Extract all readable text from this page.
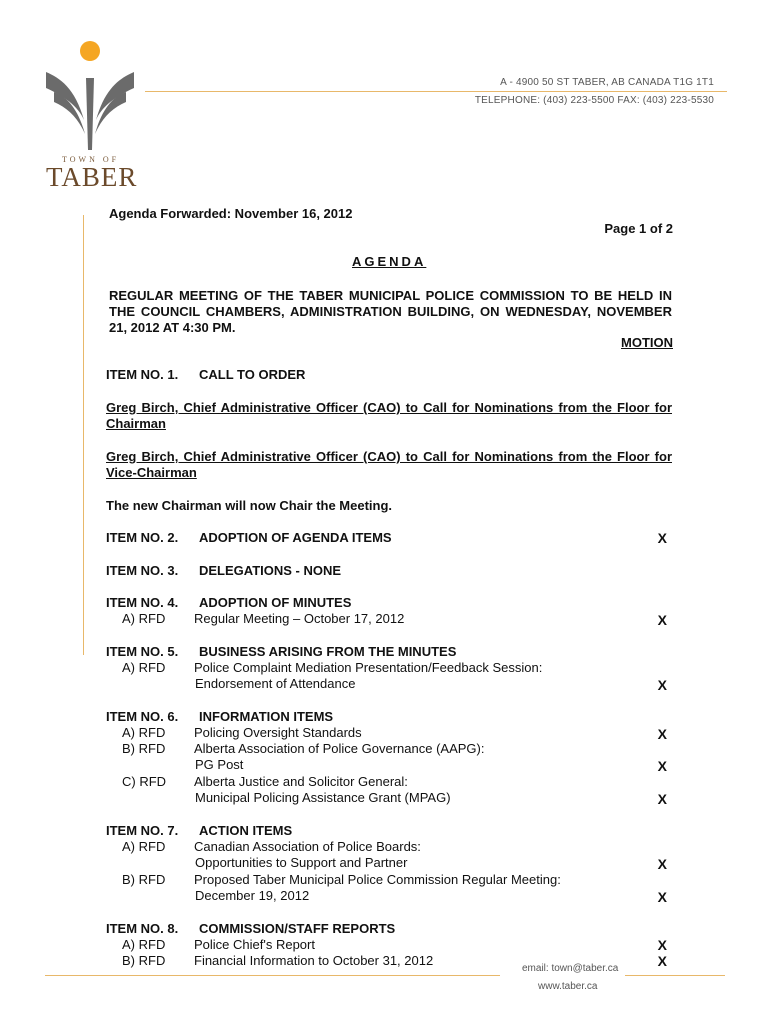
TOWN OF
TABER
A - 4900 50 ST TABER, AB CANADA T1G 1T1
TELEPHONE: (403) 223-5500 FAX: (403) 223-5530
Agenda Forwarded: November 16, 2012
Page 1 of 2
AGENDA
REGULAR MEETING OF THE TABER MUNICIPAL POLICE COMMISSION TO BE HELD IN THE COUNCIL CHAMBERS, ADMINISTRATION BUILDING, ON WEDNESDAY, NOVEMBER 21, 2012 AT 4:30 PM.
MOTION
ITEM NO. 1. CALL TO ORDER
Greg Birch, Chief Administrative Officer (CAO) to Call for Nominations from the Floor for Chairman
Greg Birch, Chief Administrative Officer (CAO) to Call for Nominations from the Floor for Vice-Chairman
The new Chairman will now Chair the Meeting.
ITEM NO. 2. ADOPTION OF AGENDA ITEMS	X
ITEM NO. 3. DELEGATIONS - NONE
ITEM NO. 4. ADOPTION OF MINUTES
A) RFD Regular Meeting – October 17, 2012	X
ITEM NO. 5. BUSINESS ARISING FROM THE MINUTES
A) RFD Police Complaint Mediation Presentation/Feedback Session:
Endorsement of Attendance	X
ITEM NO. 6. INFORMATION ITEMS
A) RFD Policing Oversight Standards	X
B) RFD Alberta Association of Police Governance (AAPG):
PG Post	X
C) RFD Alberta Justice and Solicitor General:
Municipal Policing Assistance Grant (MPAG)	X
ITEM NO. 7. ACTION ITEMS
A) RFD Canadian Association of Police Boards:
Opportunities to Support and Partner	X
B) RFD Proposed Taber Municipal Police Commission Regular Meeting:
December 19, 2012	X
ITEM NO. 8. COMMISSION/STAFF REPORTS
A) RFD Police Chief's Report	X
B) RFD Financial Information to October 31, 2012	X
email: town@taber.ca
www.taber.ca
